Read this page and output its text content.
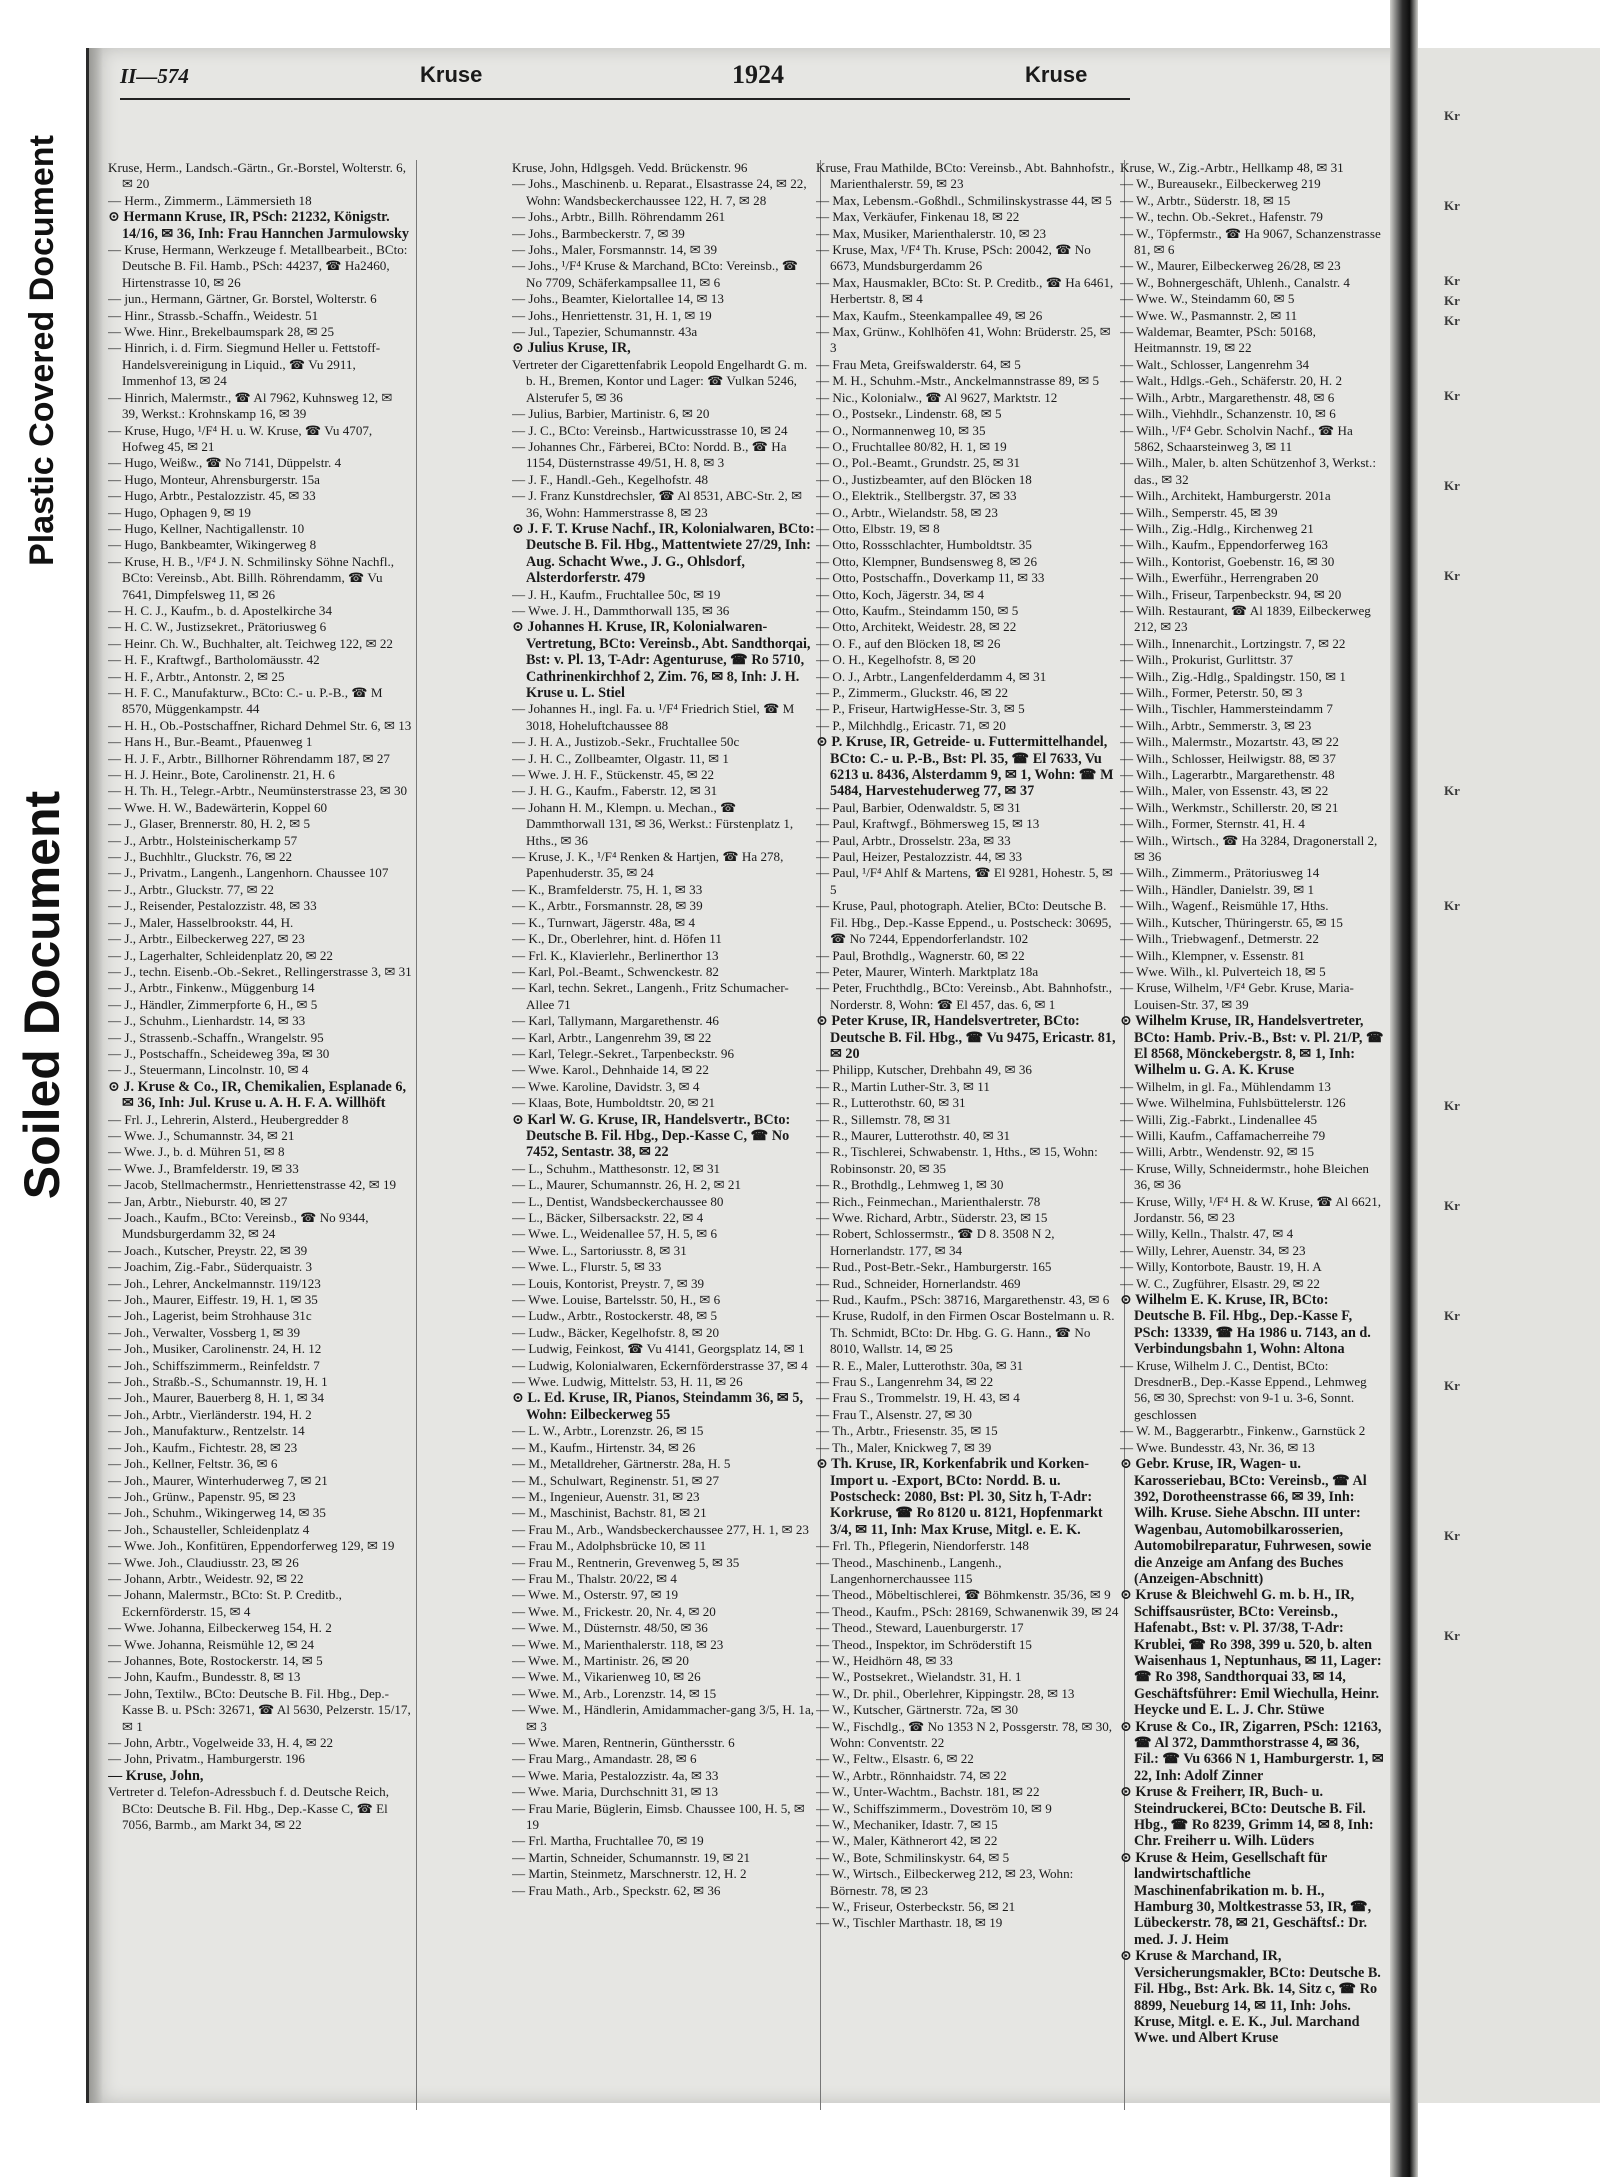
Plastic Covered Document
Soiled Document
Kr
Kr
Kr
Kr
Kr
Kr
Kr
Kr
Kr
Kr
Kr
Kr
Kr
Kr
Kr
Kr
II—574	Kruse	1924	Kruse

Kruse, Herm., Landsch.-Gärtn., Gr.-Borstel, Wolterstr. 6, ✉ 20

— Herm., Zimmerm., Lämmersieth 18

⊙ Hermann Kruse, IR, PSch: 21232, Königstr. 14/16, ✉ 36, Inh: Frau Hannchen Jarmulowsky

— Kruse, Hermann, Werkzeuge f. Metallbearbeit., BCto: Deutsche B. Fil. Hamb., PSch: 44237, ☎ Ha2460, Hirtenstrasse 10, ✉ 26

— jun., Hermann, Gärtner, Gr. Borstel, Wolterstr. 6

— Hinr., Strassb.-Schaffn., Weidestr. 51

— Wwe. Hinr., Brekelbaumspark 28, ✉ 25

— Hinrich, i. d. Firm. Siegmund Heller u. Fettstoff-Handelsvereinigung in Liquid., ☎ Vu 2911, Immenhof 13, ✉ 24

— Hinrich, Malermstr., ☎ Al 7962, Kuhnsweg 12, ✉ 39, Werkst.: Krohnskamp 16, ✉ 39

— Kruse, Hugo, ¹/F⁴ H. u. W. Kruse, ☎ Vu 4707, Hofweg 45, ✉ 21

— Hugo, Weißw., ☎ No 7141, Düppelstr. 4

— Hugo, Monteur, Ahrensburgerstr. 15a

— Hugo, Arbtr., Pestalozzistr. 45, ✉ 33

— Hugo, Ophagen 9, ✉ 19

— Hugo, Kellner, Nachtigallenstr. 10

— Hugo, Bankbeamter, Wikingerweg 8

— Kruse, H. B., ¹/F⁴ J. N. Schmilinsky Söhne Nachfl., BCto: Vereinsb., Abt. Billh. Röhrendamm, ☎ Vu 7641, Dimpfelsweg 11, ✉ 26

— H. C. J., Kaufm., b. d. Apostelkirche 34

— H. C. W., Justizsekret., Prätoriusweg 6

— Heinr. Ch. W., Buchhalter, alt. Teichweg 122, ✉ 22

— H. F., Kraftwgf., Bartholomäusstr. 42

— H. F., Arbtr., Antonstr. 2, ✉ 25

— H. F. C., Manufakturw., BCto: C.- u. P.-B., ☎ M 8570, Müggenkampstr. 44

— H. H., Ob.-Postschaffner, Richard Dehmel Str. 6, ✉ 13

— Hans H., Bur.-Beamt., Pfauenweg 1

— H. J. F., Arbtr., Billhorner Röhrendamm 187, ✉ 27

— H. J. Heinr., Bote, Carolinenstr. 21, H. 6

— H. Th. H., Telegr.-Arbtr., Neumünsterstrasse 23, ✉ 30

— Wwe. H. W., Badewärterin, Koppel 60

— J., Glaser, Brennerstr. 80, H. 2, ✉ 5

— J., Arbtr., Holsteinischerkamp 57

— J., Buchhltr., Gluckstr. 76, ✉ 22

— J., Privatm., Langenh., Langenhorn. Chaussee 107

— J., Arbtr., Gluckstr. 77, ✉ 22

— J., Reisender, Pestalozzistr. 48, ✉ 33

— J., Maler, Hasselbrookstr. 44, H.

— J., Arbtr., Eilbeckerweg 227, ✉ 23

— J., Lagerhalter, Schleidenplatz 20, ✉ 22

— J., techn. Eisenb.-Ob.-Sekret., Rellingerstrasse 3, ✉ 31

— J., Arbtr., Finkenw., Müggenburg 14

— J., Händler, Zimmerpforte 6, H., ✉ 5

— J., Schuhm., Lienhardstr. 14, ✉ 33

— J., Strassenb.-Schaffn., Wrangelstr. 95

— J., Postschaffn., Scheideweg 39a, ✉ 30

— J., Steuermann, Lincolnstr. 10, ✉ 4

⊙ J. Kruse & Co., IR, Chemikalien, Esplanade 6, ✉ 36, Inh: Jul. Kruse u. A. H. F. A. Willhöft

— Frl. J., Lehrerin, Alsterd., Heubergredder 8

— Wwe. J., Schumannstr. 34, ✉ 21

— Wwe. J., b. d. Mühren 51, ✉ 8

— Wwe. J., Bramfelderstr. 19, ✉ 33

— Jacob, Stellmachermstr., Henriettenstrasse 42, ✉ 19

— Jan, Arbtr., Nieburstr. 40, ✉ 27

— Joach., Kaufm., BCto: Vereinsb., ☎ No 9344, Mundsburgerdamm 32, ✉ 24

— Joach., Kutscher, Preystr. 22, ✉ 39

— Joachim, Zig.-Fabr., Süderquaistr. 3

— Joh., Lehrer, Anckelmannstr. 119/123

— Joh., Maurer, Eiffestr. 19, H. 1, ✉ 35

— Joh., Lagerist, beim Strohhause 31c

— Joh., Verwalter, Vossberg 1, ✉ 39

— Joh., Musiker, Carolinenstr. 24, H. 12

— Joh., Schiffszimmerm., Reinfeldstr. 7

— Joh., Straßb.-S., Schumannstr. 19, H. 1

— Joh., Maurer, Bauerberg 8, H. 1, ✉ 34

— Joh., Arbtr., Vierländerstr. 194, H. 2

— Joh., Manufakturw., Rentzelstr. 14

— Joh., Kaufm., Fichtestr. 28, ✉ 23

— Joh., Kellner, Feltstr. 36, ✉ 6

— Joh., Maurer, Winterhuderweg 7, ✉ 21

— Joh., Grünw., Papenstr. 95, ✉ 23

— Joh., Schuhm., Wikingerweg 14, ✉ 35

— Joh., Schausteller, Schleidenplatz 4

— Wwe. Joh., Konfitüren, Eppendorferweg 129, ✉ 19

— Wwe. Joh., Claudiusstr. 23, ✉ 26

— Johann, Arbtr., Weidestr. 92, ✉ 22

— Johann, Malermstr., BCto: St. P. Creditb., Eckernförderstr. 15, ✉ 4

— Wwe. Johanna, Eilbeckerweg 154, H. 2

— Wwe. Johanna, Reismühle 12, ✉ 24

— Johannes, Bote, Rostockerstr. 14, ✉ 5

— John, Kaufm., Bundesstr. 8, ✉ 13

— John, Textilw., BCto: Deutsche B. Fil. Hbg., Dep.-Kasse B. u. PSch: 32671, ☎ Al 5630, Pelzerstr. 15/17, ✉ 1

— John, Arbtr., Vogelweide 33, H. 4, ✉ 22

— John, Privatm., Hamburgerstr. 196

— Kruse, John,

Vertreter d. Telefon-Adressbuch f. d. Deutsche Reich, BCto: Deutsche B. Fil. Hbg., Dep.-Kasse C, ☎ El 7056, Barmb., am Markt 34, ✉ 22

Kruse, John, Hdlgsgeh. Vedd. Brückenstr. 96

— Johs., Maschinenb. u. Reparat., Elsastrasse 24, ✉ 22, Wohn: Wandsbeckerchaussee 122, H. 7, ✉ 28

— Johs., Arbtr., Billh. Röhrendamm 261

— Johs., Barmbeckerstr. 7, ✉ 39

— Johs., Maler, Forsmannstr. 14, ✉ 39

— Johs., ¹/F⁴ Kruse & Marchand, BCto: Vereinsb., ☎ No 7709, Schäferkampsallee 11, ✉ 6

— Johs., Beamter, Kielortallee 14, ✉ 13

— Johs., Henriettenstr. 31, H. 1, ✉ 19

— Jul., Tapezier, Schumannstr. 43a

⊙ Julius Kruse, IR,

Vertreter der Cigarettenfabrik Leopold Engelhardt G. m. b. H., Bremen, Kontor und Lager: ☎ Vulkan 5246, Alsterufer 5, ✉ 36

— Julius, Barbier, Martinistr. 6, ✉ 20

— J. C., BCto: Vereinsb., Hartwicusstrasse 10, ✉ 24

— Johannes Chr., Färberei, BCto: Nordd. B., ☎ Ha 1154, Düsternstrasse 49/51, H. 8, ✉ 3

— J. F., Handl.-Geh., Kegelhofstr. 48

— J. Franz Kunstdrechsler, ☎ Al 8531, ABC-Str. 2, ✉ 36, Wohn: Hammerstrasse 8, ✉ 23

⊙ J. F. T. Kruse Nachf., IR, Kolonialwaren, BCto: Deutsche B. Fil. Hbg., Mattentwiete 27/29, Inh: Aug. Schacht Wwe., J. G., Ohlsdorf, Alsterdorferstr. 479

— J. H., Kaufm., Fruchtallee 50c, ✉ 19

— Wwe. J. H., Dammthorwall 135, ✉ 36

⊙ Johannes H. Kruse, IR, Kolonialwaren-Vertretung, BCto: Vereinsb., Abt. Sandthorqai, Bst: v. Pl. 13, T-Adr: Agenturuse, ☎ Ro 5710, Cathrinenkirchhof 2, Zim. 76, ✉ 8, Inh: J. H. Kruse u. L. Stiel

— Johannes H., ingl. Fa. u. ¹/F⁴ Friedrich Stiel, ☎ M 3018, Hoheluftchaussee 88

— J. H. A., Justizob.-Sekr., Fruchtallee 50c

— J. H. C., Zollbeamter, Olgastr. 11, ✉ 1

— Wwe. J. H. F., Stückenstr. 45, ✉ 22

— J. H. G., Kaufm., Faberstr. 12, ✉ 31

— Johann H. M., Klempn. u. Mechan., ☎ Dammthorwall 131, ✉ 36, Werkst.: Fürstenplatz 1, Hths., ✉ 36

— Kruse, J. K., ¹/F⁴ Renken & Hartjen, ☎ Ha 278, Papenhuderstr. 35, ✉ 24

— K., Bramfelderstr. 75, H. 1, ✉ 33

— K., Arbtr., Forsmannstr. 28, ✉ 39

— K., Turnwart, Jägerstr. 48a, ✉ 4

— K., Dr., Oberlehrer, hint. d. Höfen 11

— Frl. K., Klavierlehr., Berlinerthor 13

— Karl, Pol.-Beamt., Schwenckestr. 82

— Karl, techn. Sekret., Langenh., Fritz Schumacher-Allee 71

— Karl, Tallymann, Margarethenstr. 46

— Karl, Arbtr., Langenrehm 39, ✉ 22

— Karl, Telegr.-Sekret., Tarpenbeckstr. 96

— Wwe. Karol., Dehnhaide 14, ✉ 22

— Wwe. Karoline, Davidstr. 3, ✉ 4

— Klaas, Bote, Humboldtstr. 20, ✉ 21

⊙ Karl W. G. Kruse, IR, Handelsvertr., BCto: Deutsche B. Fil. Hbg., Dep.-Kasse C, ☎ No 7452, Sentastr. 38, ✉ 22

— L., Schuhm., Matthesonstr. 12, ✉ 31

— L., Maurer, Schumannstr. 26, H. 2, ✉ 21

— L., Dentist, Wandsbeckerchaussee 80

— L., Bäcker, Silbersackstr. 22, ✉ 4

— Wwe. L., Weidenallee 57, H. 5, ✉ 6

— Wwe. L., Sartoriusstr. 8, ✉ 31

— Wwe. L., Flurstr. 5, ✉ 33

— Louis, Kontorist, Preystr. 7, ✉ 39

— Wwe. Louise, Bartelsstr. 50, H., ✉ 6

— Ludw., Arbtr., Rostockerstr. 48, ✉ 5

— Ludw., Bäcker, Kegelhofstr. 8, ✉ 20

— Ludwig, Feinkost, ☎ Vu 4141, Georgsplatz 14, ✉ 1

— Ludwig, Kolonialwaren, Eckernförderstrasse 37, ✉ 4

— Wwe. Ludwig, Mittelstr. 53, H. 11, ✉ 26

⊙ L. Ed. Kruse, IR, Pianos, Steindamm 36, ✉ 5, Wohn: Eilbeckerweg 55

— L. W., Arbtr., Lorenzstr. 26, ✉ 15

— M., Kaufm., Hirtenstr. 34, ✉ 26

— M., Metalldreher, Gärtnerstr. 28a, H. 5

— M., Schulwart, Reginenstr. 51, ✉ 27

— M., Ingenieur, Auenstr. 31, ✉ 23

— M., Maschinist, Bachstr. 81, ✉ 21

— Frau M., Arb., Wandsbeckerchaussee 277, H. 1, ✉ 23

— Frau M., Adolphsbrücke 10, ✉ 11

— Frau M., Rentnerin, Grevenweg 5, ✉ 35

— Frau M., Thalstr. 20/22, ✉ 4

— Wwe. M., Osterstr. 97, ✉ 19

— Wwe. M., Frickestr. 20, Nr. 4, ✉ 20

— Wwe. M., Düsternstr. 48/50, ✉ 36

— Wwe. M., Marienthalerstr. 118, ✉ 23

— Wwe. M., Martinistr. 26, ✉ 20

— Wwe. M., Vikarienweg 10, ✉ 26

— Wwe. M., Arb., Lorenzstr. 14, ✉ 15

— Wwe. M., Händlerin, Amidammacher-gang 3/5, H. 1a, ✉ 3

— Wwe. Maren, Rentnerin, Günthersstr. 6

— Frau Marg., Amandastr. 28, ✉ 6

— Wwe. Maria, Pestalozzistr. 4a, ✉ 33

— Wwe. Maria, Durchschnitt 31, ✉ 13

— Frau Marie, Büglerin, Eimsb. Chaussee 100, H. 5, ✉ 19

— Frl. Martha, Fruchtallee 70, ✉ 19

— Martin, Schneider, Schumannstr. 19, ✉ 21

— Martin, Steinmetz, Marschnerstr. 12, H. 2

— Frau Math., Arb., Speckstr. 62, ✉ 36

Kruse, Frau Mathilde, BCto: Vereinsb., Abt. Bahnhofstr., Marienthalerstr. 59, ✉ 23

— Max, Lebensm.-Goßhdl., Schmilinskystrasse 44, ✉ 5

— Max, Verkäufer, Finkenau 18, ✉ 22

— Max, Musiker, Marienthalerstr. 10, ✉ 23

— Kruse, Max, ¹/F⁴ Th. Kruse, PSch: 20042, ☎ No 6673, Mundsburgerdamm 26

— Max, Hausmakler, BCto: St. P. Creditb., ☎ Ha 6461, Herbertstr. 8, ✉ 4

— Max, Kaufm., Steenkampallee 49, ✉ 26

— Max, Grünw., Kohlhöfen 41, Wohn: Brüderstr. 25, ✉ 3

— Frau Meta, Greifswalderstr. 64, ✉ 5

— M. H., Schuhm.-Mstr., Anckelmannstrasse 89, ✉ 5

— Nic., Kolonialw., ☎ Al 9627, Marktstr. 12

— O., Postsekr., Lindenstr. 68, ✉ 5

— O., Normannenweg 10, ✉ 35

— O., Fruchtallee 80/82, H. 1, ✉ 19

— O., Pol.-Beamt., Grundstr. 25, ✉ 31

— O., Justizbeamter, auf den Blöcken 18

— O., Elektrik., Stellbergstr. 37, ✉ 33

— O., Arbtr., Wielandstr. 58, ✉ 23

— Otto, Elbstr. 19, ✉ 8

— Otto, Rossschlachter, Humboldtstr. 35

— Otto, Klempner, Bundsensweg 8, ✉ 26

— Otto, Postschaffn., Doverkamp 11, ✉ 33

— Otto, Koch, Jägerstr. 34, ✉ 4

— Otto, Kaufm., Steindamm 150, ✉ 5

— Otto, Architekt, Weidestr. 28, ✉ 22

— O. F., auf den Blöcken 18, ✉ 26

— O. H., Kegelhofstr. 8, ✉ 20

— O. J., Arbtr., Langenfelderdamm 4, ✉ 31

— P., Zimmerm., Gluckstr. 46, ✉ 22

— P., Friseur, HartwigHesse-Str. 3, ✉ 5

— P., Milchhdlg., Ericastr. 71, ✉ 20

⊙ P. Kruse, IR, Getreide- u. Futtermittelhandel, BCto: C.- u. P.-B., Bst: Pl. 35, ☎ El 7633, Vu 6213 u. 8436, Alsterdamm 9, ✉ 1, Wohn: ☎ M 5484, Harvestehuderweg 77, ✉ 37

— Paul, Barbier, Odenwaldstr. 5, ✉ 31

— Paul, Kraftwgf., Böhmersweg 15, ✉ 13

— Paul, Arbtr., Drosselstr. 23a, ✉ 33

— Paul, Heizer, Pestalozzistr. 44, ✉ 33

— Paul, ¹/F⁴ Ahlf & Martens, ☎ El 9281, Hohestr. 5, ✉ 5

— Kruse, Paul, photograph. Atelier, BCto: Deutsche B. Fil. Hbg., Dep.-Kasse Eppend., u. Postscheck: 30695, ☎ No 7244, Eppendorferlandstr. 102

— Paul, Brothdlg., Wagnerstr. 60, ✉ 22

— Peter, Maurer, Winterh. Marktplatz 18a

— Peter, Fruchthdlg., BCto: Vereinsb., Abt. Bahnhofstr., Norderstr. 8, Wohn: ☎ El 457, das. 6, ✉ 1

⊙ Peter Kruse, IR, Handelsvertreter, BCto: Deutsche B. Fil. Hbg., ☎ Vu 9475, Ericastr. 81, ✉ 20

— Philipp, Kutscher, Drehbahn 49, ✉ 36

— R., Martin Luther-Str. 3, ✉ 11

— R., Lutterothstr. 60, ✉ 31

— R., Sillemstr. 78, ✉ 31

— R., Maurer, Lutterothstr. 40, ✉ 31

— R., Tischlerei, Schwabenstr. 1, Hths., ✉ 15, Wohn: Robinsonstr. 20, ✉ 35

— R., Brothdlg., Lehmweg 1, ✉ 30

— Rich., Feinmechan., Marienthalerstr. 78

— Wwe. Richard, Arbtr., Süderstr. 23, ✉ 15

— Robert, Schlossermstr., ☎ D 8. 3508 N 2, Hornerlandstr. 177, ✉ 34

— Rud., Post-Betr.-Sekr., Hamburgerstr. 165

— Rud., Schneider, Hornerlandstr. 469

— Rud., Kaufm., PSch: 38716, Margarethenstr. 43, ✉ 6

— Kruse, Rudolf, in den Firmen Oscar Bostelmann u. R. Th. Schmidt, BCto: Dr. Hbg. G. G. Hann., ☎ No 8010, Wallstr. 14, ✉ 25

— R. E., Maler, Lutterothstr. 30a, ✉ 31

— Frau S., Langenrehm 34, ✉ 22

— Frau S., Trommelstr. 19, H. 43, ✉ 4

— Frau T., Alsenstr. 27, ✉ 30

— Th., Arbtr., Friesenstr. 35, ✉ 15

— Th., Maler, Knickweg 7, ✉ 39

⊙ Th. Kruse, IR, Korkenfabrik und Korken-Import u. -Export, BCto: Nordd. B. u. Postscheck: 2080, Bst: Pl. 30, Sitz h, T-Adr: Korkruse, ☎ Ro 8120 u. 8121, Hopfenmarkt 3/4, ✉ 11, Inh: Max Kruse, Mitgl. e. E. K.

— Frl. Th., Pflegerin, Niendorferstr. 148

— Theod., Maschinenb., Langenh., Langenhornerchaussee 115

— Theod., Möbeltischlerei, ☎ Böhmkenstr. 35/36, ✉ 9

— Theod., Kaufm., PSch: 28169, Schwanenwik 39, ✉ 24

— Theod., Steward, Lauenburgerstr. 17

— Theod., Inspektor, im Schröderstift 15

— W., Heidhörn 48, ✉ 33

— W., Postsekret., Wielandstr. 31, H. 1

— W., Dr. phil., Oberlehrer, Kippingstr. 28, ✉ 13

— W., Kutscher, Gärtnerstr. 72a, ✉ 30

— W., Fischdlg., ☎ No 1353 N 2, Possgerstr. 78, ✉ 30, Wohn: Conventstr. 22

— W., Feltw., Elsastr. 6, ✉ 22

— W., Arbtr., Rönnhaidstr. 74, ✉ 22

— W., Unter-Wachtm., Bachstr. 181, ✉ 22

— W., Schiffszimmerm., Doveström 10, ✉ 9

— W., Mechaniker, Idastr. 7, ✉ 15

— W., Maler, Käthnerort 42, ✉ 22

— W., Bote, Schmilinskystr. 64, ✉ 5

— W., Wirtsch., Eilbeckerweg 212, ✉ 23, Wohn: Börnestr. 78, ✉ 23

— W., Friseur, Osterbeckstr. 56, ✉ 21

— W., Tischler Marthastr. 18, ✉ 19

Kruse, W., Zig.-Arbtr., Hellkamp 48, ✉ 31

— W., Bureausekr., Eilbeckerweg 219

— W., Arbtr., Süderstr. 18, ✉ 15

— W., techn. Ob.-Sekret., Hafenstr. 79

— W., Töpfermstr., ☎ Ha 9067, Schanzenstrasse 81, ✉ 6

— W., Maurer, Eilbeckerweg 26/28, ✉ 23

— W., Bohnergeschäft, Uhlenh., Canalstr. 4

— Wwe. W., Steindamm 60, ✉ 5

— Wwe. W., Pasmannstr. 2, ✉ 11

— Waldemar, Beamter, PSch: 50168, Heitmannstr. 19, ✉ 22

— Walt., Schlosser, Langenrehm 34

— Walt., Hdlgs.-Geh., Schäferstr. 20, H. 2

— Wilh., Arbtr., Margarethenstr. 48, ✉ 6

— Wilh., Viehhdlr., Schanzenstr. 10, ✉ 6

— Wilh., ¹/F⁴ Gebr. Scholvin Nachf., ☎ Ha 5862, Schaarsteinweg 3, ✉ 11

— Wilh., Maler, b. alten Schützenhof 3, Werkst.: das., ✉ 32

— Wilh., Architekt, Hamburgerstr. 201a

— Wilh., Semperstr. 45, ✉ 39

— Wilh., Zig.-Hdlg., Kirchenweg 21

— Wilh., Kaufm., Eppendorferweg 163

— Wilh., Kontorist, Goebenstr. 16, ✉ 30

— Wilh., Ewerführ., Herrengraben 20

— Wilh., Friseur, Tarpenbeckstr. 94, ✉ 20

— Wilh. Restaurant, ☎ Al 1839, Eilbeckerweg 212, ✉ 23

— Wilh., Innenarchit., Lortzingstr. 7, ✉ 22

— Wilh., Prokurist, Gurlittstr. 37

— Wilh., Zig.-Hdlg., Spaldingstr. 150, ✉ 1

— Wilh., Former, Peterstr. 50, ✉ 3

— Wilh., Tischler, Hammersteindamm 7

— Wilh., Arbtr., Semmerstr. 3, ✉ 23

— Wilh., Malermstr., Mozartstr. 43, ✉ 22

— Wilh., Schlosser, Heilwigstr. 88, ✉ 37

— Wilh., Lagerarbtr., Margarethenstr. 48

— Wilh., Maler, von Essenstr. 43, ✉ 22

— Wilh., Werkmstr., Schillerstr. 20, ✉ 21

— Wilh., Former, Sternstr. 41, H. 4

— Wilh., Wirtsch., ☎ Ha 3284, Dragonerstall 2, ✉ 36

— Wilh., Zimmerm., Prätoriusweg 14

— Wilh., Händler, Danielstr. 39, ✉ 1

— Wilh., Wagenf., Reismühle 17, Hths.

— Wilh., Kutscher, Thüringerstr. 65, ✉ 15

— Wilh., Triebwagenf., Detmerstr. 22

— Wilh., Klempner, v. Essenstr. 81

— Wwe. Wilh., kl. Pulverteich 18, ✉ 5

— Kruse, Wilhelm, ¹/F⁴ Gebr. Kruse, Maria-Louisen-Str. 37, ✉ 39

⊙ Wilhelm Kruse, IR, Handelsvertreter, BCto: Hamb. Priv.-B., Bst: v. Pl. 21/P, ☎ El 8568, Mönckebergstr. 8, ✉ 1, Inh: Wilhelm u. G. A. K. Kruse

— Wilhelm, in gl. Fa., Mühlendamm 13

— Wwe. Wilhelmina, Fuhlsbüttelerstr. 126

— Willi, Zig.-Fabrkt., Lindenallee 45

— Willi, Kaufm., Caffamacherreihe 79

— Willi, Arbtr., Wendenstr. 92, ✉ 15

— Kruse, Willy, Schneidermstr., hohe Bleichen 36, ✉ 36

— Kruse, Willy, ¹/F⁴ H. & W. Kruse, ☎ Al 6621, Jordanstr. 56, ✉ 23

— Willy, Kelln., Thalstr. 47, ✉ 4

— Willy, Lehrer, Auenstr. 34, ✉ 23

— Willy, Kontorbote, Baustr. 19, H. A

— W. C., Zugführer, Elsastr. 29, ✉ 22

⊙ Wilhelm E. K. Kruse, IR, BCto: Deutsche B. Fil. Hbg., Dep.-Kasse F, PSch: 13339, ☎ Ha 1986 u. 7143, an d. Verbindungsbahn 1, Wohn: Altona

— Kruse, Wilhelm J. C., Dentist, BCto: DresdnerB., Dep.-Kasse Eppend., Lehmweg 56, ✉ 30, Sprechst: von 9-1 u. 3-6, Sonnt. geschlossen

— W. M., Baggerarbtr., Finkenw., Garnstück 2

— Wwe. Bundesstr. 43, Nr. 36, ✉ 13

⊙ Gebr. Kruse, IR, Wagen- u. Karosseriebau, BCto: Vereinsb., ☎ Al 392, Dorotheenstrasse 66, ✉ 39, Inh: Wilh. Kruse. Siehe Abschn. III unter: Wagenbau, Automobilkarosserien, Automobilreparatur, Fuhrwesen, sowie die Anzeige am Anfang des Buches (Anzeigen-Abschnitt)

⊙ Kruse & Bleichwehl G. m. b. H., IR, Schiffsausrüster, BCto: Vereinsb., Hafenabt., Bst: v. Pl. 37/38, T-Adr: Krublei, ☎ Ro 398, 399 u. 520, b. alten Waisenhaus 1, Neptunhaus, ✉ 11, Lager: ☎ Ro 398, Sandthorquai 33, ✉ 14, Geschäftsführer: Emil Wiechulla, Heinr. Heycke und E. L. J. Chr. Stüwe

⊙ Kruse & Co., IR, Zigarren, PSch: 12163, ☎ Al 372, Dammthorstrasse 4, ✉ 36, Fil.: ☎ Vu 6366 N 1, Hamburgerstr. 1, ✉ 22, Inh: Adolf Zinner

⊙ Kruse & Freiherr, IR, Buch- u. Steindruckerei, BCto: Deutsche B. Fil. Hbg., ☎ Ro 8239, Grimm 14, ✉ 8, Inh: Chr. Freiherr u. Wilh. Lüders

⊙ Kruse & Heim, Gesellschaft für landwirtschaftliche Maschinenfabrikation m. b. H., Hamburg 30, Moltkestrasse 53, IR, ☎, Lübeckerstr. 78, ✉ 21, Geschäftsf.: Dr. med. J. J. Heim

⊙ Kruse & Marchand, IR, Versicherungsmakler, BCto: Deutsche B. Fil. Hbg., Bst: Ark. Bk. 14, Sitz c, ☎ Ro 8899, Neueburg 14, ✉ 11, Inh: Johs. Kruse, Mitgl. e. E. K., Jul. Marchand Wwe. und Albert Kruse
